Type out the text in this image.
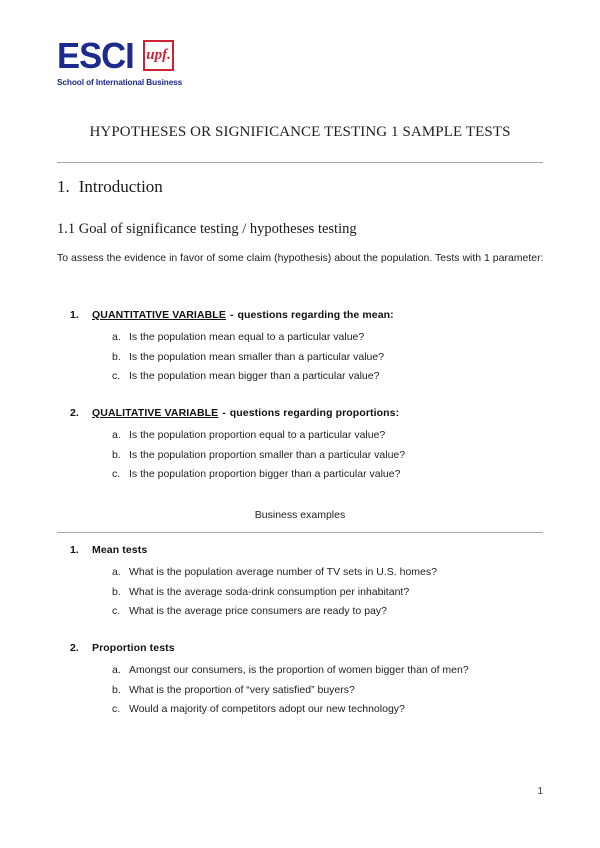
ESCI upf.
School of International Business
HYPOTHESES OR SIGNIFICANCE TESTING 1 SAMPLE TESTS
1. Introduction
1.1 Goal of significance testing / hypotheses testing
To assess the evidence in favor of some claim (hypothesis) about the population. Tests with 1 parameter:
1.	QUANTITATIVE VARIABLE - questions regarding the mean:
a. Is the population mean equal to a particular value?
b. Is the population mean smaller than a particular value?
c. Is the population mean bigger than a particular value?
2.	QUALITATIVE VARIABLE - questions regarding proportions:
a. Is the population proportion equal to a particular value?
b. Is the population proportion smaller than a particular value?
c. Is the population proportion bigger than a particular value?
Business examples
1.	Mean tests
a. What is the population average number of TV sets in U.S. homes?
b. What is the average soda-drink consumption per inhabitant?
c. What is the average price consumers are ready to pay?
2.	Proportion tests
a. Amongst our consumers, is the proportion of women bigger than of men?
b. What is the proportion of “very satisfied” buyers?
c. Would a majority of competitors adopt our new technology?
1
